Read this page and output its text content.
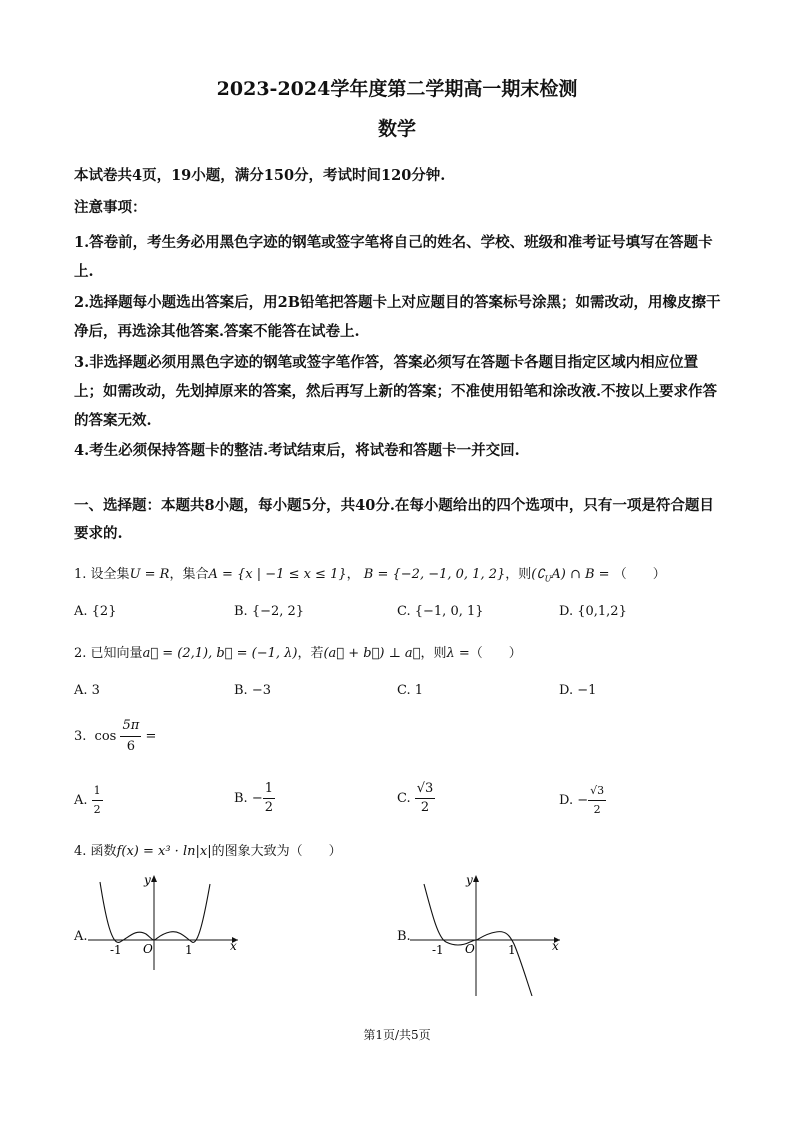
2023-2024学年度第二学期高一期末检测
数学
本试卷共4页，19小题，满分150分，考试时间120分钟.
注意事项：
1.答卷前，考生务必用黑色字迹的钢笔或签字笔将自己的姓名、学校、班级和准考证号填写在答题卡上.
2.选择题每小题选出答案后，用2B铅笔把答题卡上对应题目的答案标号涂黑；如需改动，用橡皮擦干净后，再选涂其他答案.答案不能答在试卷上.
3.非选择题必须用黑色字迹的钢笔或签字笔作答，答案必须写在答题卡各题目指定区域内相应位置上；如需改动，先划掉原来的答案，然后再写上新的答案；不准使用铅笔和涂改液.不按以上要求作答的答案无效.
4.考生必须保持答题卡的整洁.考试结束后，将试卷和答题卡一并交回.
一、选择题：本题共8小题，每小题5分，共40分.在每小题给出的四个选项中，只有一项是符合题目要求的.
1. 设全集U = R，集合A = {x | −1 ≤ x ≤ 1}， B = {−2, −1, 0, 1, 2}，则$(∁_UA)$ ∩ B = （　　）
A. {2}	B. {−2, 2}	C. {−1, 0, 1}	D. {0,1,2}
2. 已知向量a⃗ = (2,1), b⃗ = (−1, λ)，若(a⃗ + b⃗) ⊥ a⃗，则λ =（　　）
A. 3	B. −3	C. 1	D. −1
3. $\cos \frac{5\pi}{6}$ =
A. $\frac{1}{2}$	B. − $\frac{1}{2}$	C. $\frac{√3}{2}$	D. − $\frac{√3}{2}$
4. 函数f(x) = x³ · ln|x|的图象大致为（　　）
A.
y
x
O
-1	1
B.
y
x
O
-1	1
第1页/共5页
